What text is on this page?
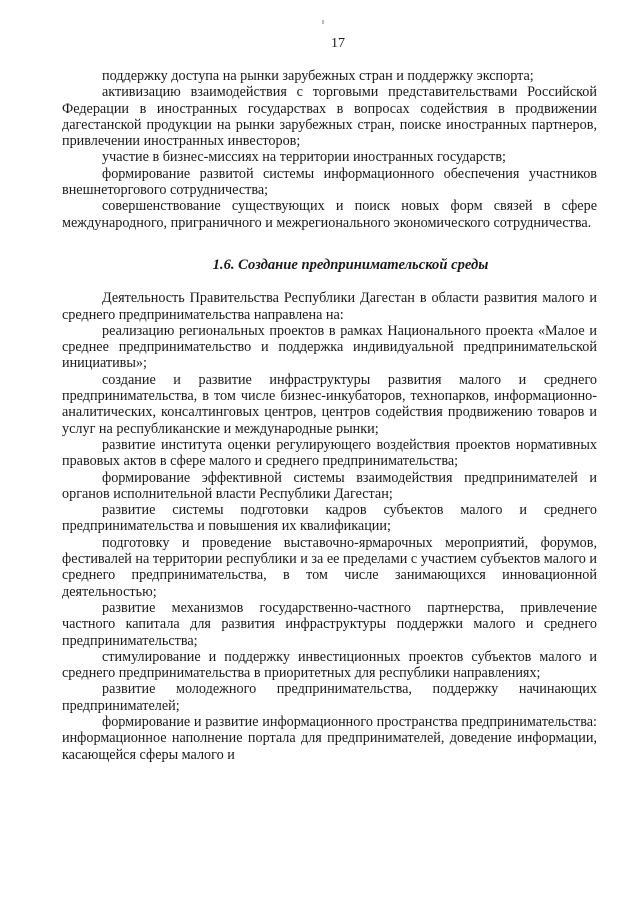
17

поддержку доступа на рынки зарубежных стран и поддержку экспорта;

активизацию взаимодействия с торговыми представительствами Российской Федерации в иностранных государствах в вопросах содействия в продвижении дагестанской продукции на рынки зарубежных стран, поиске иностранных партнеров, привлечении иностранных инвесторов;

участие в бизнес-миссиях на территории иностранных государств;

формирование развитой системы информационного обеспечения участников внешнеторгового сотрудничества;

совершенствование существующих и поиск новых форм связей в сфере международного, приграничного и межрегионального экономического сотрудничества.

1.6. Создание предпринимательской среды

Деятельность Правительства Республики Дагестан в области развития малого и среднего предпринимательства направлена на:

реализацию региональных проектов в рамках Национального проекта «Малое и среднее предпринимательство и поддержка индивидуальной предпринимательской инициативы»;

создание и развитие инфраструктуры развития малого и среднего предпринимательства, в том числе бизнес-инкубаторов, технопарков, информационно-аналитических, консалтинговых центров, центров содействия продвижению товаров и услуг на республиканские и международные рынки;

развитие института оценки регулирующего воздействия проектов нормативных правовых актов в сфере малого и среднего предпринимательства;

формирование эффективной системы взаимодействия предпринимателей и органов исполнительной власти Республики Дагестан;

развитие системы подготовки кадров субъектов малого и среднего предпринимательства и повышения их квалификации;

подготовку и проведение выставочно-ярмарочных мероприятий, форумов, фестивалей на территории республики и за ее пределами с участием субъектов малого и среднего предпринимательства, в том числе занимающихся инновационной деятельностью;

развитие механизмов государственно-частного партнерства, привлечение частного капитала для развития инфраструктуры поддержки малого и среднего предпринимательства;

стимулирование и поддержку инвестиционных проектов субъектов малого и среднего предпринимательства в приоритетных для республики направлениях;

развитие молодежного предпринимательства, поддержку начинающих предпринимателей;

формирование и развитие информационного пространства предпринимательства: информационное наполнение портала для предпринимателей, доведение информации, касающейся сферы малого и
